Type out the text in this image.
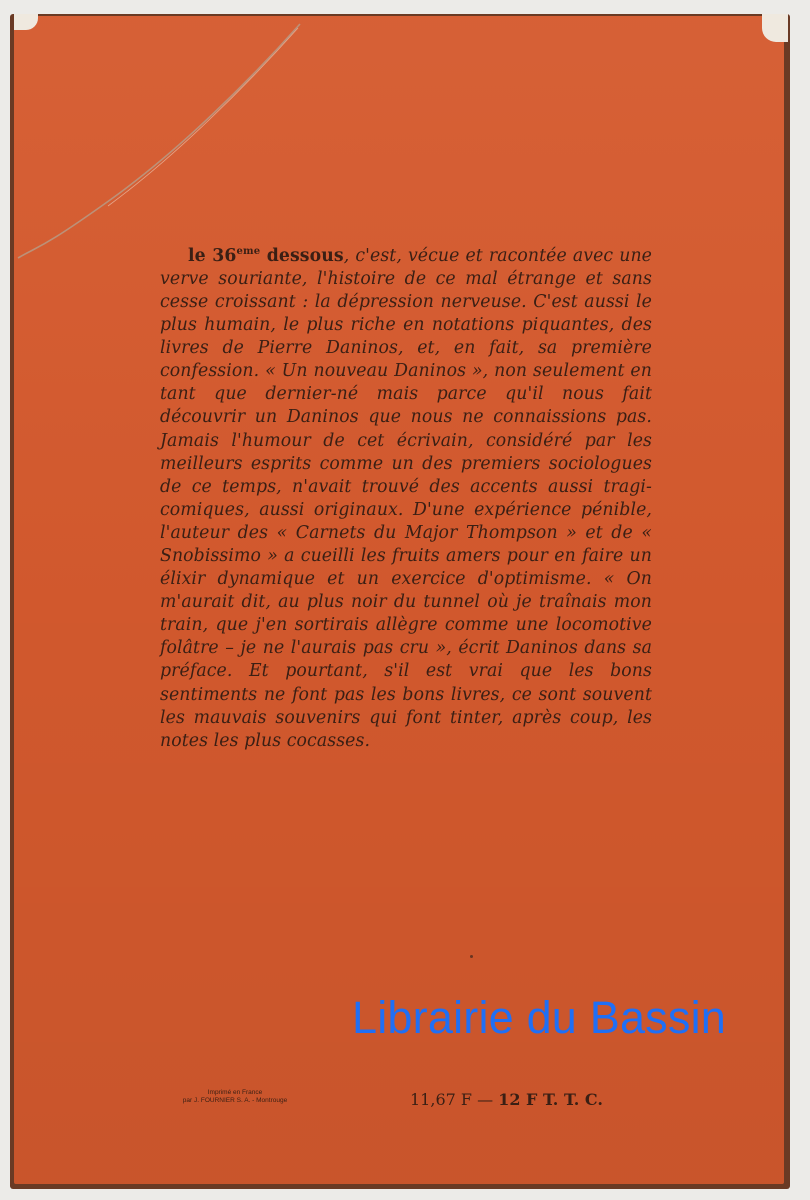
le 36eme dessous, c'est, vécue et racontée avec une verve souriante, l'histoire de ce mal étrange et sans cesse croissant : la dépression nerveuse. C'est aussi le plus humain, le plus riche en notations piquantes, des livres de Pierre Daninos, et, en fait, sa première confession. « Un nouveau Daninos », non seulement en tant que dernier-né mais parce qu'il nous fait découvrir un Daninos que nous ne connaissions pas. Jamais l'humour de cet écrivain, considéré par les meilleurs esprits comme un des premiers sociologues de ce temps, n'avait trouvé des accents aussi tragi-comiques, aussi originaux. D'une expérience pénible, l'auteur des « Carnets du Major Thompson » et de « Snobissimo » a cueilli les fruits amers pour en faire un élixir dynamique et un exercice d'optimisme. « On m'aurait dit, au plus noir du tunnel où je traînais mon train, que j'en sortirais allègre comme une locomotive folâtre – je ne l'aurais pas cru », écrit Daninos dans sa préface. Et pourtant, s'il est vrai que les bons sentiments ne font pas les bons livres, ce sont souvent les mauvais souvenirs qui font tinter, après coup, les notes les plus cocasses.

Librairie du Bassin
Imprimé en France
par J. FOURNIER S. A. - Montrouge	11,67 F — 12 F T. T. C.
